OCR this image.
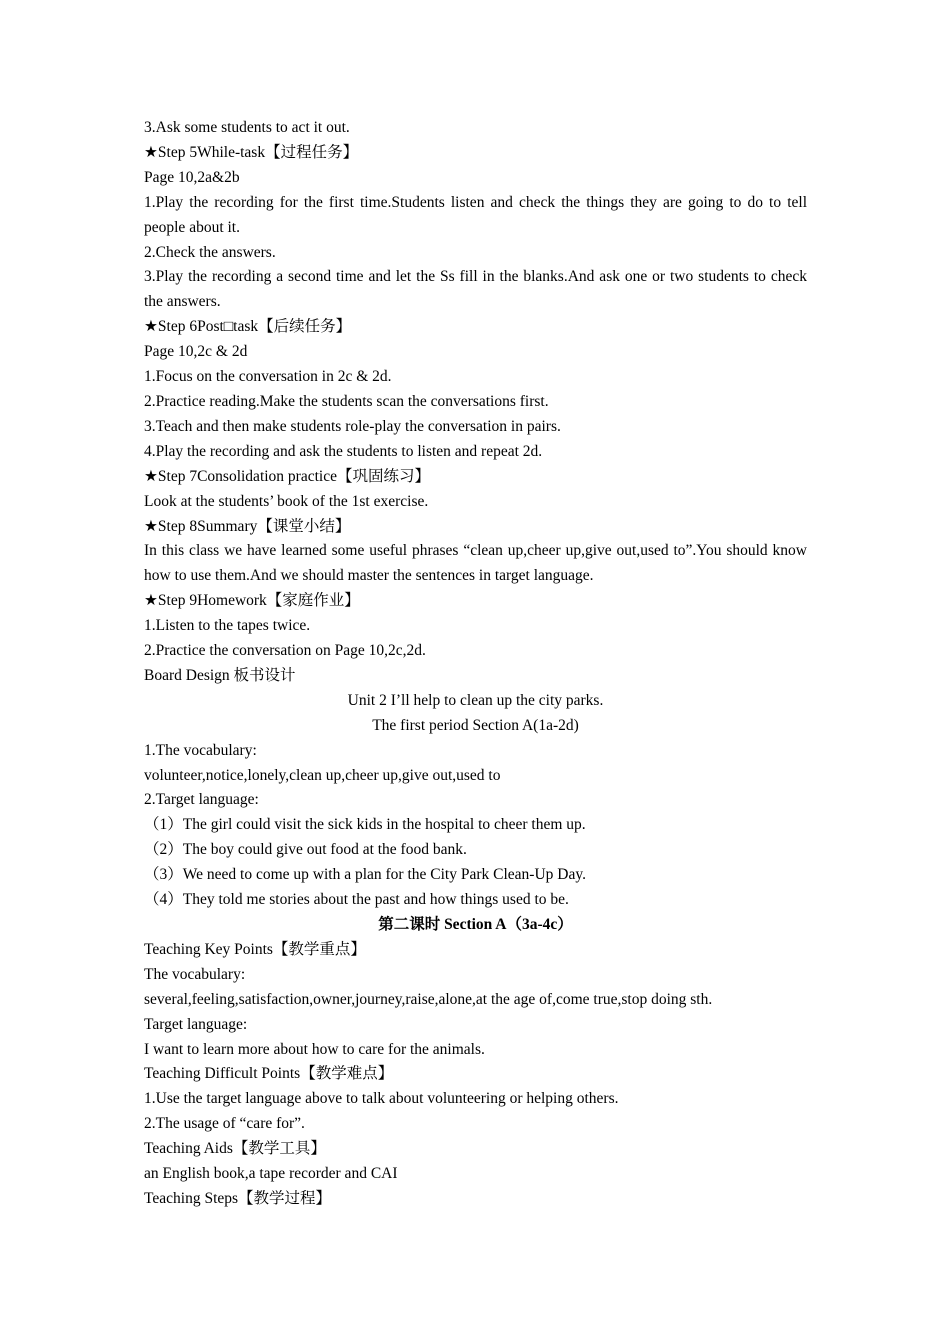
3.Ask some students to act it out.

★Step 5While-task【过程任务】

Page 10,2a&2b

1.Play the recording for the first time.Students listen and check the things they are going to do to tell people about it.

2.Check the answers.

3.Play the recording a second time and let the Ss fill in the blanks.And ask one or two students to check the answers.

★Step 6Post□task【后续任务】

Page 10,2c & 2d

1.Focus on the conversation in 2c & 2d.

2.Practice reading.Make the students scan the conversations first.

3.Teach and then make students role-play the conversation in pairs.

4.Play the recording and ask the students to listen and repeat 2d.

★Step 7Consolidation practice【巩固练习】

Look at the students’ book of the 1st exercise.

★Step 8Summary【课堂小结】

In this class we have learned some useful phrases “clean up,cheer up,give out,used to”.You should know how to use them.And we should master the sentences in target language.

★Step 9Homework【家庭作业】

1.Listen to the tapes twice.

2.Practice the conversation on Page 10,2c,2d.

Board Design 板书设计

Unit 2 I’ll help to clean up the city parks.

The first period Section A(1a-2d)

1.The vocabulary:

volunteer,notice,lonely,clean up,cheer up,give out,used to

2.Target language:

（1）The girl could visit the sick kids in the hospital to cheer them up.

（2）The boy could give out food at the food bank.

（3）We need to come up with a plan for the City Park Clean-Up Day.

（4）They told me stories about the past and how things used to be.

第二课时 Section A（3a-4c）

Teaching Key Points【教学重点】

The vocabulary:

several,feeling,satisfaction,owner,journey,raise,alone,at the age of,come true,stop doing sth.

Target language:

I want to learn more about how to care for the animals.

Teaching Difficult Points【教学难点】

1.Use the target language above to talk about volunteering or helping others.

2.The usage of “care for”.

Teaching Aids【教学工具】

an English book,a tape recorder and CAI

Teaching Steps【教学过程】
